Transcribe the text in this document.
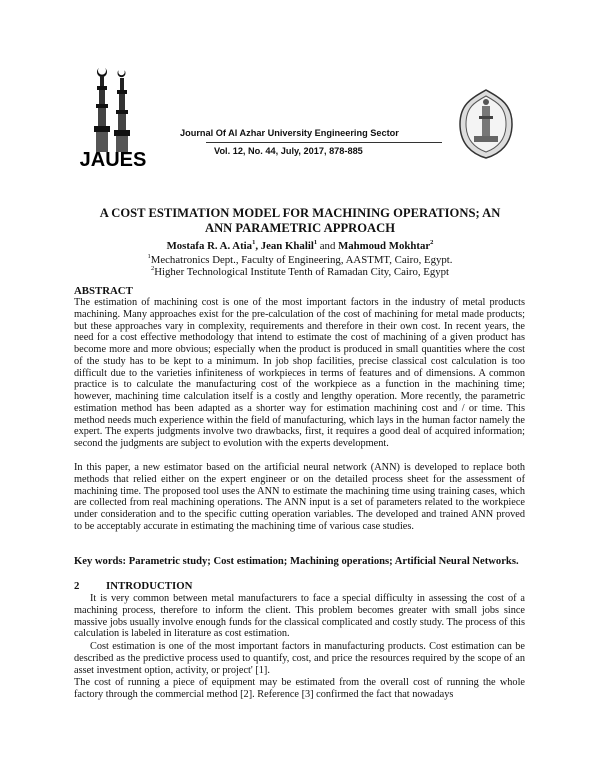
JAUES
Journal Of Al Azhar University Engineering Sector
Vol. 12, No. 44, July, 2017, 878-885
A COST ESTIMATION MODEL FOR MACHINING OPERATIONS; AN
ANN PARAMETRIC APPROACH
Mostafa R. A. Atia$^1$, Jean Khalil$^1$ and Mahmoud Mokhtar$^2$
$^1$Mechatronics Dept., Faculty of Engineering, AASTMT, Cairo, Egypt.
$^2$Higher Technological Institute Tenth of Ramadan City, Cairo, Egypt
ABSTRACT
The estimation of machining cost is one of the most important factors in the industry of metal products machining. Many approaches exist for the pre-calculation of the cost of machining for metal made products; but these approaches vary in complexity, requirements and therefore in their own cost. In recent years, the need for a cost effective methodology that intend to estimate the cost of machining of a given product has become more and more obvious; especially when the product is produced in small quantities where the cost of the study has to be kept to a minimum. In job shop facilities, precise classical cost calculation is too difficult due to the varieties infiniteness of workpieces in terms of features and of dimensions. A common practice is to calculate the manufacturing cost of the workpiece as a function in the machining time; however, machining time calculation itself is a costly and lengthy operation. More recently, the parametric estimation method has been adapted as a shorter way for estimation machining cost and / or time. This method needs much experience within the field of manufacturing, which lays in the human factor namely the expert. The experts judgments involve two drawbacks, first, it requires a good deal of acquired information; second the judgments are subject to evolution with the experts development.
In this paper, a new estimator based on the artificial neural network (ANN) is developed to replace both methods that relied either on the expert engineer or on the detailed process sheet for the assessment of machining time. The proposed tool uses the ANN to estimate the machining time using training cases, which are collected from real machining operations. The ANN input is a set of parameters related to the workpiece under consideration and to the specific cutting operation variables. The developed and trained ANN proved to be acceptably accurate in estimating the machining time of various case studies.
Key words: Parametric study; Cost estimation; Machining operations; Artificial Neural Networks.
2 INTRODUCTION
It is very common between metal manufacturers to face a special difficulty in assessing the cost of a machining process, therefore to inform the client. This problem becomes greater with small jobs since massive jobs usually involve enough funds for the classical complicated and costly study. The process of this calculation is labeled in literature as cost estimation.
Cost estimation is one of the most important factors in manufacturing products. Cost estimation can be described as the predictive process used to quantify, cost, and price the resources required by the scope of an asset investment option, activity, or project' [1].
The cost of running a piece of equipment may be estimated from the overall cost of running the whole factory through the commercial method [2]. Reference [3] confirmed the fact that nowadays
